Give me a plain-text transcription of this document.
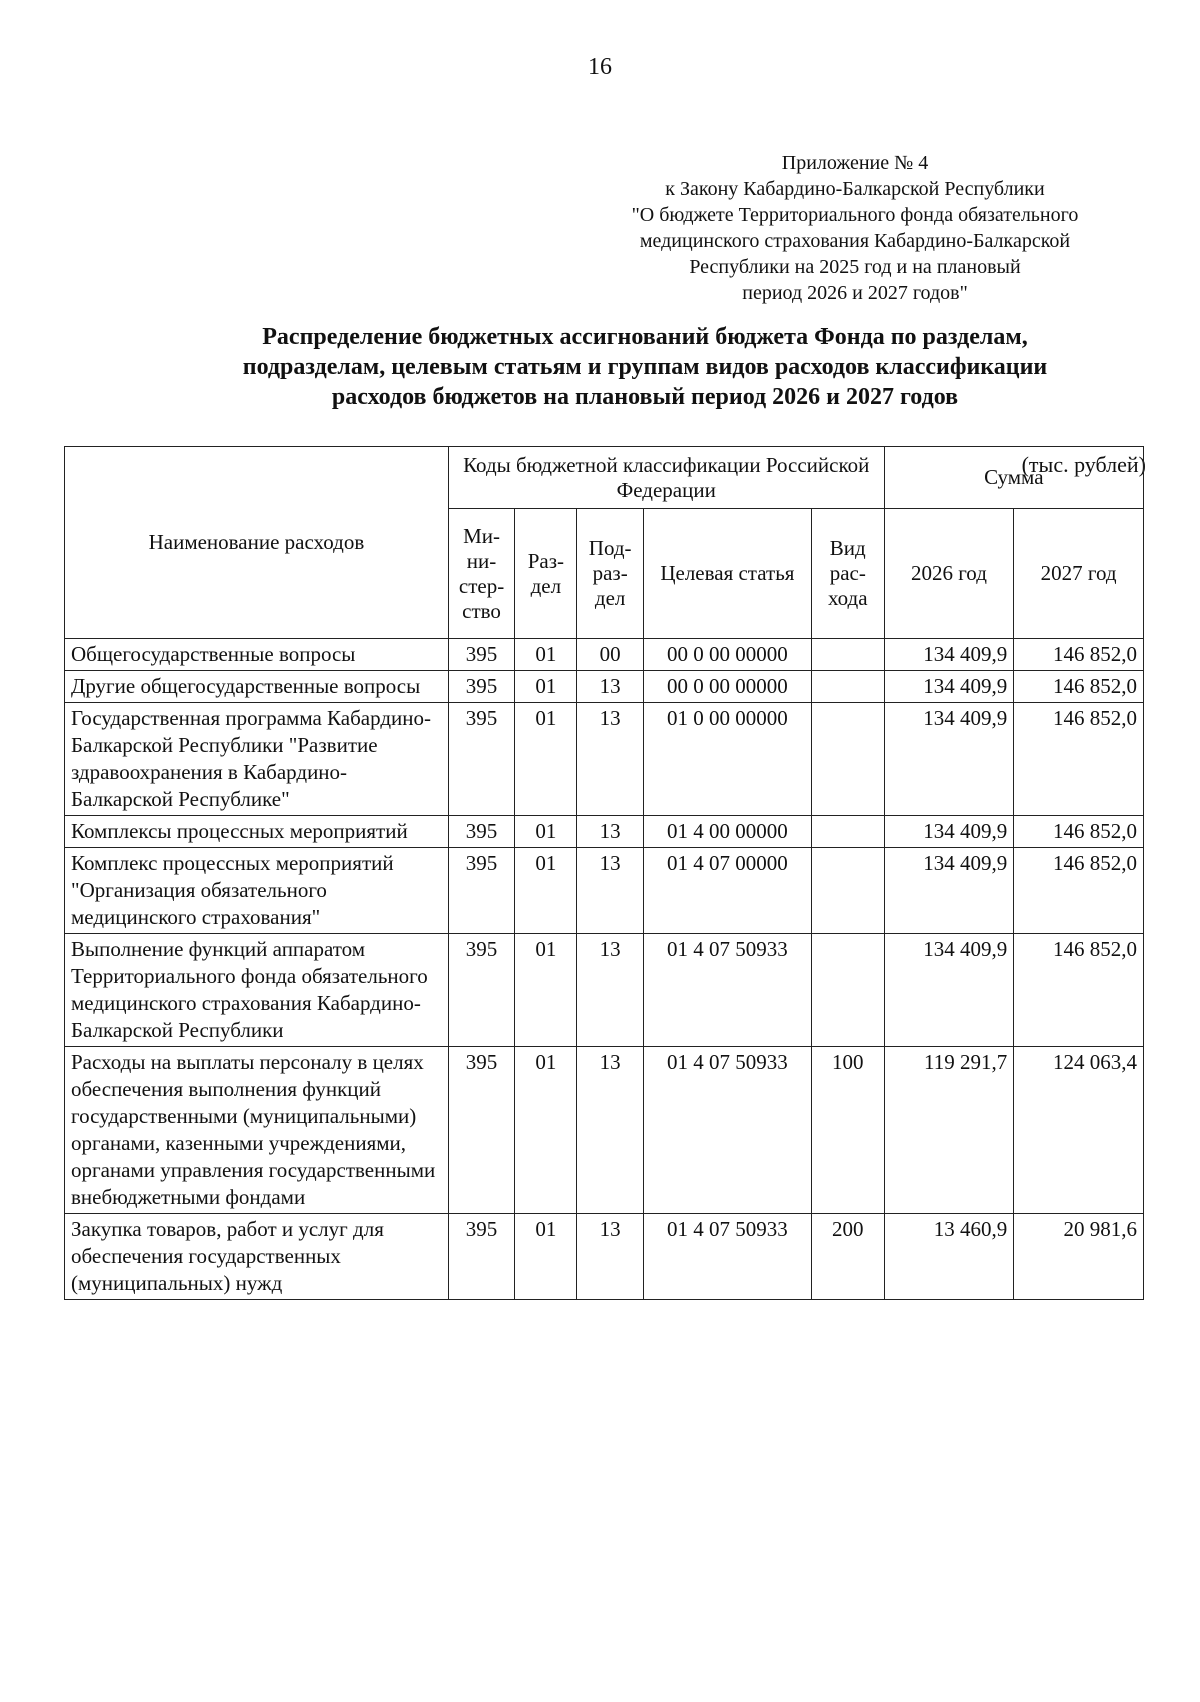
16
Приложение № 4
к Закону Кабардино-Балкарской Республики
"О бюджете Территориального фонда обязательного
медицинского страхования Кабардино-Балкарской
Республики на 2025 год и на плановый
период 2026 и 2027 годов"
Распределение бюджетных ассигнований бюджета Фонда по разделам,
подразделам, целевым статьям и группам видов расходов классификации
расходов бюджетов на плановый период 2026 и 2027 годов
(тыс. рублей)
Наименование расходов	Коды бюджетной классификации Российской Федерации					Сумма	
	Ми-ни-стер-ство	Раз-дел	Под-раз-дел	Целевая статья	Вид рас-хода	2026 год	2027 год
Общегосударственные вопросы	395	01	00	00 0 00 00000		134 409,9	146 852,0
Другие общегосударственные вопросы	395	01	13	00 0 00 00000		134 409,9	146 852,0
Государственная программа Кабардино-Балкарской Республики "Развитие здравоохранения в Кабардино-Балкарской Республике"	395	01	13	01 0 00 00000		134 409,9	146 852,0
Комплексы процессных мероприятий	395	01	13	01 4 00 00000		134 409,9	146 852,0
Комплекс процессных мероприятий "Организация обязательного медицинского страхования"	395	01	13	01 4 07 00000		134 409,9	146 852,0
Выполнение функций аппаратом Территориального фонда обязательного медицинского страхования Кабардино-Балкарской Республики	395	01	13	01 4 07 50933		134 409,9	146 852,0
Расходы на выплаты персоналу в целях обеспечения выполнения функций государственными (муниципальными) органами, казенными учреждениями, органами управления государственными внебюджетными фондами	395	01	13	01 4 07 50933	100	119 291,7	124 063,4
Закупка товаров, работ и услуг для обеспечения государственных (муниципальных) нужд	395	01	13	01 4 07 50933	200	13 460,9	20 981,6
